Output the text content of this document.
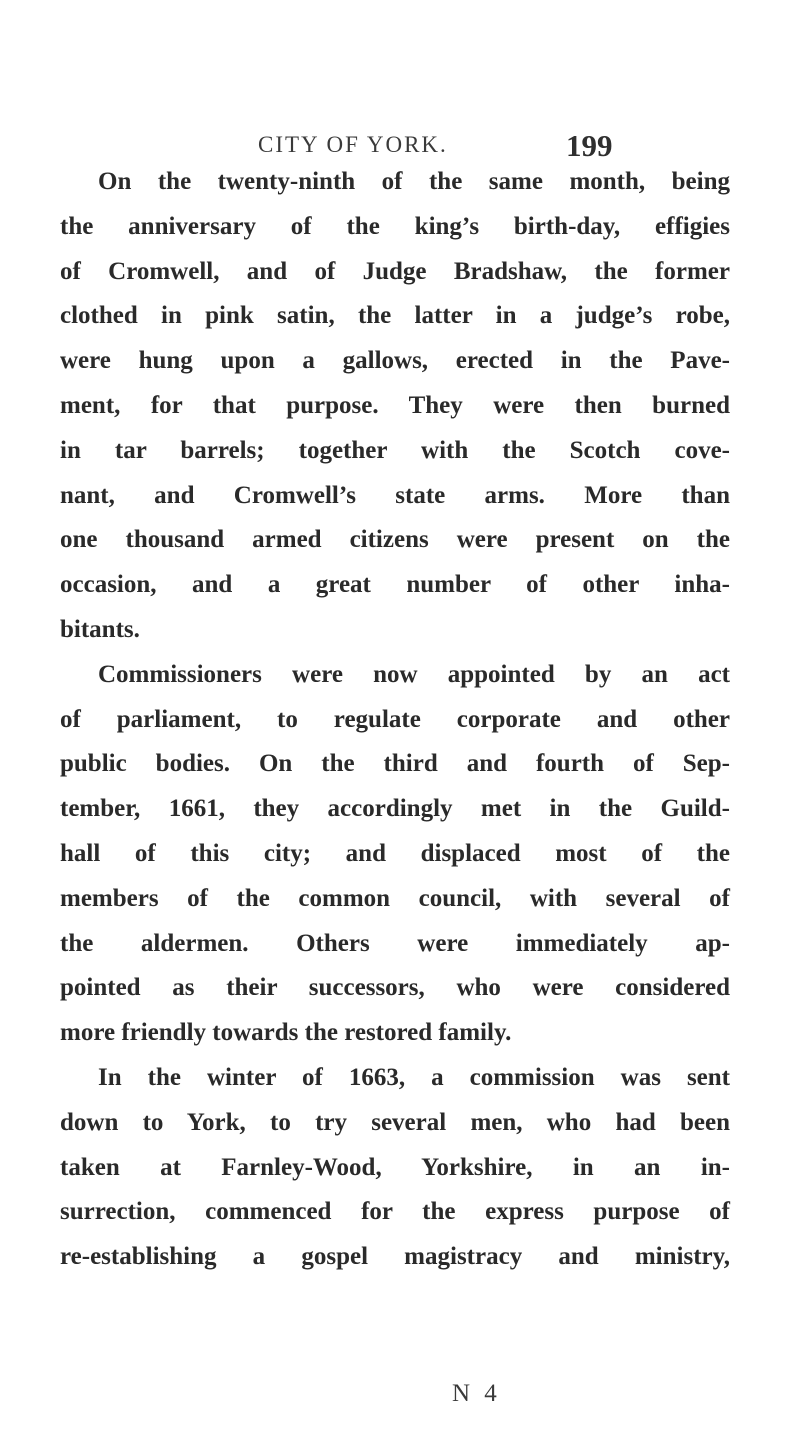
CITY OF YORK.	199
On the twenty-ninth of the same month, being
the anniversary of the king’s birth-day, effigies
of Cromwell, and of Judge Bradshaw, the former
clothed in pink satin, the latter in a judge’s robe,
were hung upon a gallows, erected in the Pave-
ment, for that purpose. They were then burned
in tar barrels; together with the Scotch cove-
nant, and Cromwell’s state arms. More than
one thousand armed citizens were present on the
occasion, and a great number of other inha-
bitants.
Commissioners were now appointed by an act
of parliament, to regulate corporate and other
public bodies. On the third and fourth of Sep-
tember, 1661, they accordingly met in the Guild-
hall of this city; and displaced most of the
members of the common council, with several of
the aldermen. Others were immediately ap-
pointed as their successors, who were considered
more friendly towards the restored family.
In the winter of 1663, a commission was sent
down to York, to try several men, who had been
taken at Farnley-Wood, Yorkshire, in an in-
surrection, commenced for the express purpose of
re-establishing a gospel magistracy and ministry,
N 4
